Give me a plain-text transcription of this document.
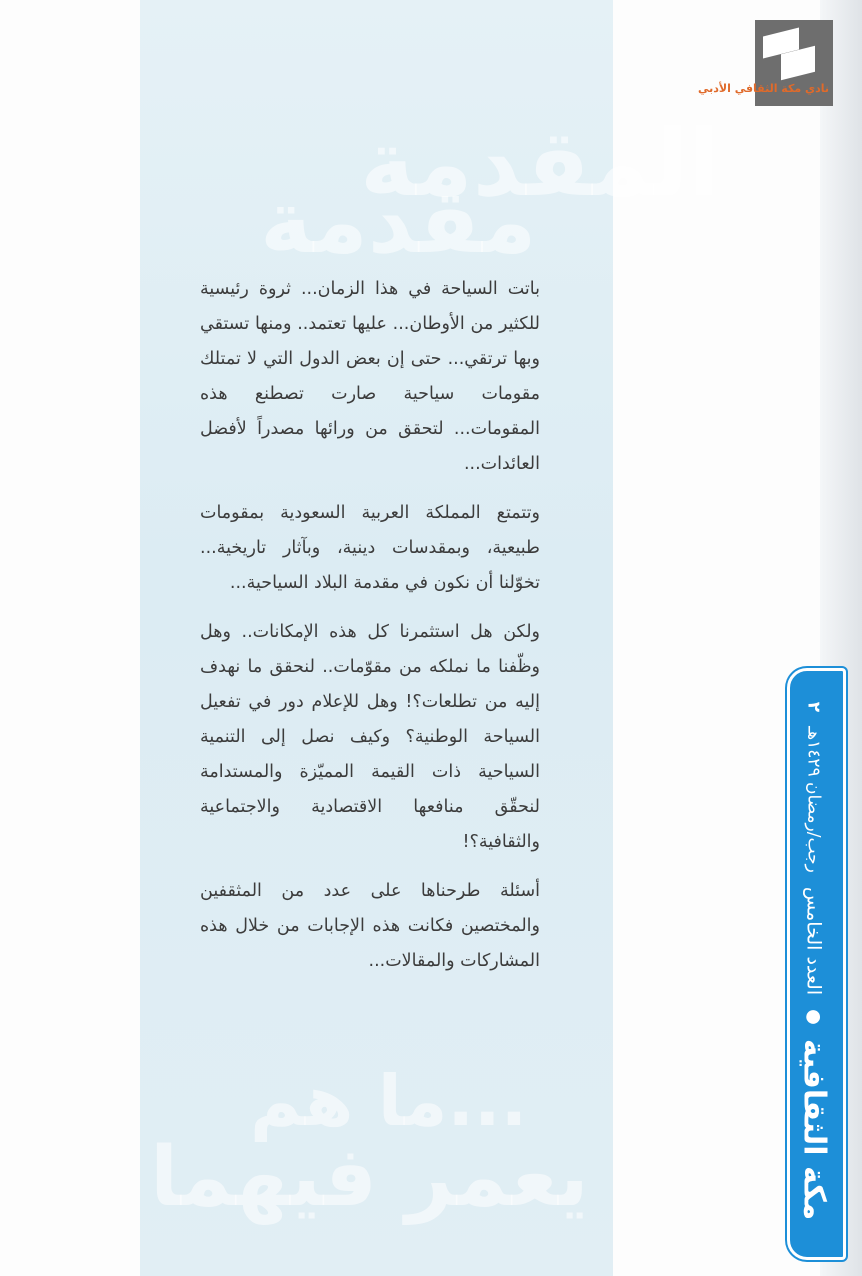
المقدمة
مقدمة
...ما هم
يعمر فيهما

باتت السياحة في هذا الزمان... ثروة رئيسية للكثير من الأوطان... عليها تعتمد.. ومنها تستقي وبها ترتقي... حتى إن بعض الدول التي لا تمتلك مقومات سياحية صارت تصطنع هذه المقومات... لتحقق من ورائها مصدراً لأفضل العائدات...

وتتمتع المملكة العربية السعودية بمقومات طبيعية، وبمقدسات دينية، وبآثار تاريخية... تخوّلنا أن نكون في مقدمة البلاد السياحية...

ولكن هل استثمرنا كل هذه الإمكانات.. وهل وظّفنا ما نملكه من مقوّمات.. لنحقق ما نهدف إليه من تطلعات؟! وهل للإعلام دور في تفعيل السياحة الوطنية؟ وكيف نصل إلى التنمية السياحية ذات القيمة المميّزة والمستدامة لنحقّق منافعها الاقتصادية والاجتماعية والثقافية؟!

أسئلة طرحناها على عدد من المثقفين والمختصين فكانت هذه الإجابات من خلال هذه المشاركات والمقالات...

نادي مكة الثقافي الأدبي
مكة الثقافية
●
العدد الخامس
رجب/رمضان ١٤٢٩هـ
٢
